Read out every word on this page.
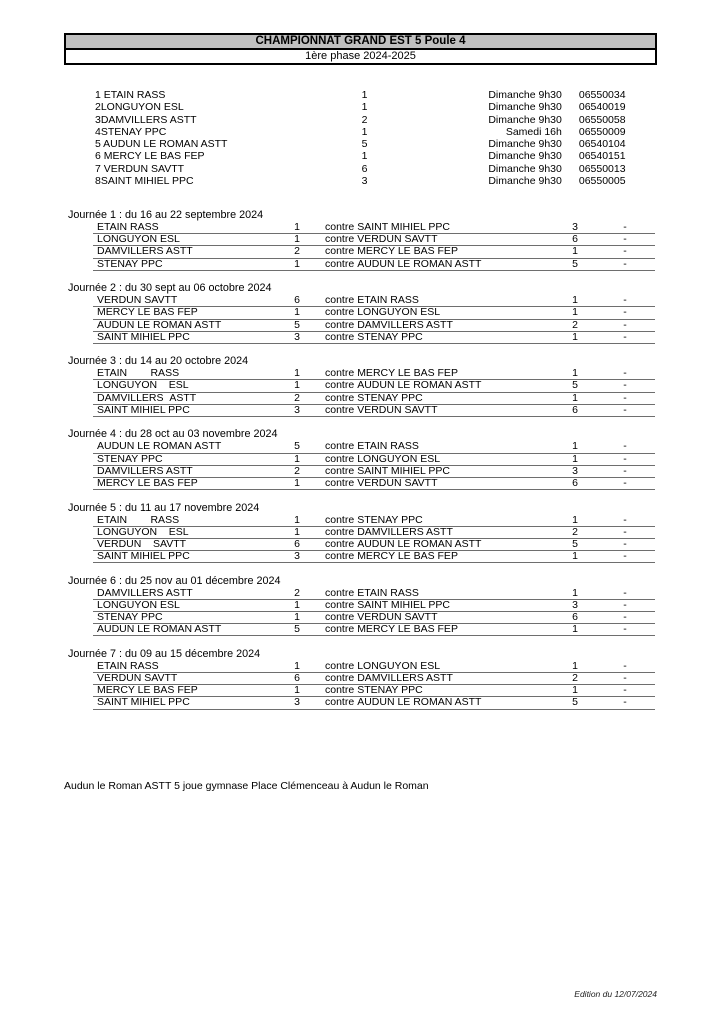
CHAMPIONNAT GRAND EST 5 Poule 4
1ère phase 2024-2025
1 ETAIN RASS	1	Dimanche 9h30 06550034
2LONGUYON ESL	1	Dimanche 9h30 06540019
3DAMVILLERS ASTT	2	Dimanche 9h30 06550058
4STENAY PPC	1	Samedi 16h 06550009
5 AUDUN LE ROMAN ASTT	5	Dimanche 9h30 06540104
6 MERCY LE BAS FEP	1	Dimanche 9h30 06540151
7 VERDUN SAVTT	6	Dimanche 9h30 06550013
8SAINT MIHIEL PPC	3	Dimanche 9h30 06550005
Journée 1 : du 16 au 22 septembre 2024
ETAIN RASS	1	contre SAINT MIHIEL PPC	3	-
LONGUYON ESL	1	contre VERDUN SAVTT	6	-
DAMVILLERS ASTT	2	contre MERCY LE BAS FEP	1	-
STENAY PPC	1	contre AUDUN LE ROMAN ASTT	5	-
Journée 2 : du 30 sept au 06 octobre 2024
VERDUN SAVTT	6	contre ETAIN RASS	1	-
MERCY LE BAS FEP	1	contre LONGUYON ESL	1	-
AUDUN LE ROMAN ASTT	5	contre DAMVILLERS ASTT	2	-
SAINT MIHIEL PPC	3	contre STENAY PPC	1	-
Journée 3 : du 14 au 20 octobre 2024
ETAIN        RASS	1	contre MERCY LE BAS FEP	1	-
LONGUYON    ESL	1	contre AUDUN LE ROMAN ASTT	5	-
DAMVILLERS  ASTT	2	contre STENAY PPC	1	-
SAINT MIHIEL PPC	3	contre VERDUN SAVTT	6	-
Journée 4 : du 28 oct au 03 novembre 2024
AUDUN LE ROMAN ASTT	5	contre ETAIN RASS	1	-
STENAY PPC	1	contre LONGUYON ESL	1	-
DAMVILLERS ASTT	2	contre SAINT MIHIEL PPC	3	-
MERCY LE BAS FEP	1	contre VERDUN SAVTT	6	-
Journée 5 : du 11 au 17 novembre 2024
ETAIN        RASS	1	contre STENAY PPC	1	-
LONGUYON    ESL	1	contre DAMVILLERS ASTT	2	-
VERDUN    SAVTT	6	contre AUDUN LE ROMAN ASTT	5	-
SAINT MIHIEL PPC	3	contre MERCY LE BAS FEP	1	-
Journée 6 : du 25 nov au 01 décembre 2024
DAMVILLERS ASTT	2	contre ETAIN RASS	1	-
LONGUYON ESL	1	contre SAINT MIHIEL PPC	3	-
STENAY PPC	1	contre VERDUN SAVTT	6	-
AUDUN LE ROMAN ASTT	5	contre MERCY LE BAS FEP	1	-
Journée 7 : du 09 au 15 décembre 2024
ETAIN RASS	1	contre LONGUYON ESL	1	-
VERDUN SAVTT	6	contre DAMVILLERS ASTT	2	-
MERCY LE BAS FEP	1	contre STENAY PPC	1	-
SAINT MIHIEL PPC	3	contre AUDUN LE ROMAN ASTT	5	-
Audun le Roman ASTT 5 joue gymnase Place Clémenceau à Audun le Roman
Edition du 12/07/2024
